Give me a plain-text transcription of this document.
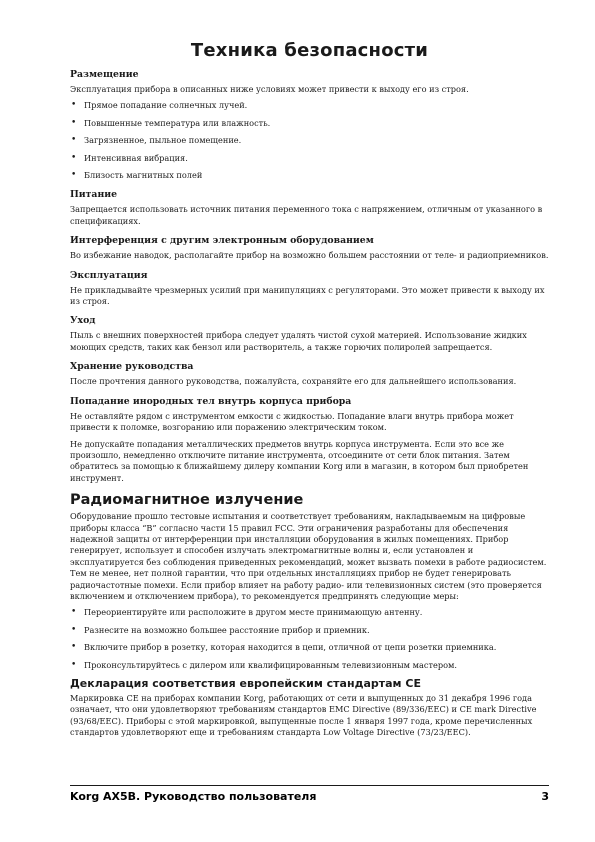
Техника безопасности
Размещение

Эксплуатация прибора в описанных ниже условиях может привести к выходу его из строя.

• Прямое попадание солнечных лучей.
• Повышенные температура или влажность.
• Загрязненное, пыльное помещение.
• Интенсивная вибрация.
• Близость магнитных полей
Питание

Запрещается использовать источник питания переменного тока с напряжением, отличным от указанного в спецификациях.

Интерференция с другим электронным оборудованием

Во избежание наводок, располагайте прибор на возможно большем расстоянии от теле- и радиоприемников.

Эксплуатация

Не прикладывайте чрезмерных усилий при манипуляциях с регуляторами. Это может привести к выходу их из строя.

Уход

Пыль с внешних поверхностей прибора следует удалять чистой сухой материей. Использование жидких моющих средств, таких как бензол или растворитель, а также горючих полиролей запрещается.

Хранение руководства

После прочтения данного руководства, пожалуйста, сохраняйте его для дальнейшего использования.

Попадание инородных тел внутрь корпуса прибора

Не оставляйте рядом с инструментом емкости с жидкостью. Попадание влаги внутрь прибора может привести к поломке, возгоранию или поражению электрическим током.

Не допускайте попадания металлических предметов внутрь корпуса инструмента. Если это все же произошло, немедленно отключите питание инструмента, отсоедините от сети блок питания. Затем обратитесь за помощью к ближайшему дилеру компании Korg или в магазин, в котором был приобретен инструмент.

Радиомагнитное излучение

Оборудование прошло тестовые испытания и соответствует требованиям, накладываемым на цифровые приборы класса “B” согласно части 15 правил FCC. Эти ограничения разработаны для обеспечения надежной защиты от интерференции при инсталляции оборудования в жилых помещениях. Прибор генерирует, использует и способен излучать электромагнитные волны и, если установлен и эксплуатируется без соблюдения приведенных рекомендаций, может вызвать помехи в работе радиосистем. Тем не менее, нет полной гарантии, что при отдельных инсталляциях прибор не будет генерировать радиочастотные помехи. Если прибор влияет на работу радио- или телевизионных систем (это проверяется включением и отключением прибора), то рекомендуется предпринять следующие меры:

• Переориентируйте или расположите в другом месте принимающую антенну.
• Разнесите на возможно большее расстояние прибор и приемник.
• Включите прибор в розетку, которая находится в цепи, отличной от цепи розетки приемника.
• Проконсультируйтесь с дилером или квалифицированным телевизионным мастером.
Декларация соответствия европейским стандартам CE

Маркировка CE на приборах компании Korg, работающих от сети и выпущенных до 31 декабря 1996 года означает, что они удовлетворяют требованиям стандартов EMC Directive (89/336/EEC) и CE mark Directive (93/68/EEC). Приборы с этой маркировкой, выпущенные после 1 января 1997 года, кроме перечисленных стандартов удовлетворяют еще и требованиям стандарта Low Voltage Directive (73/23/EEC).

Korg AX5B. Руководство пользователя	3
